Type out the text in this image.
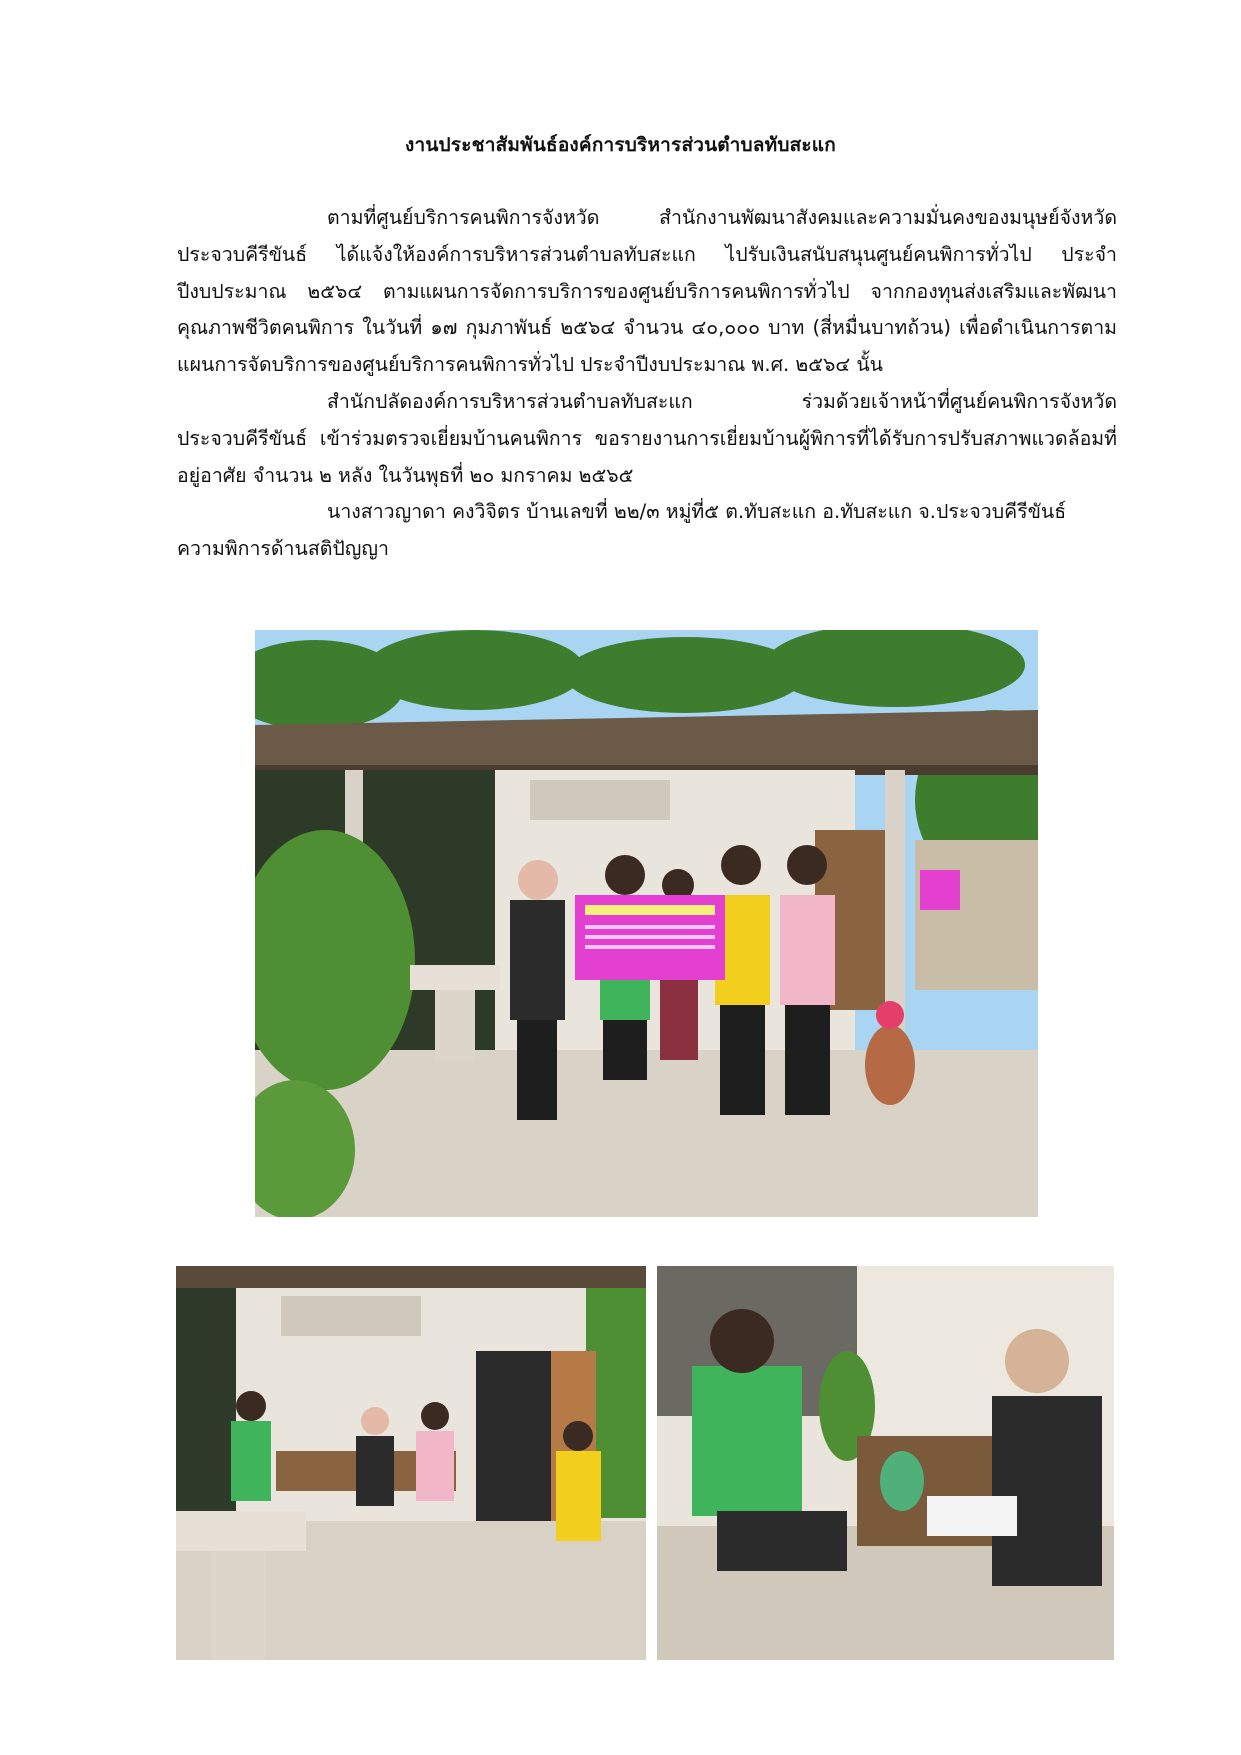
งานประชาสัมพันธ์องค์การบริหารส่วนตำบลทับสะแก

ตามที่ศูนย์บริการคนพิการจังหวัด สำนักงานพัฒนาสังคมและความมั่นคงของมนุษย์จังหวัดประจวบคีรีขันธ์ ได้แจ้งให้องค์การบริหารส่วนตำบลทับสะแก ไปรับเงินสนับสนุนศูนย์คนพิการทั่วไป ประจำปีงบประมาณ ๒๕๖๔ ตามแผนการจัดการบริการของศูนย์บริการคนพิการทั่วไป จากกองทุนส่งเสริมและพัฒนาคุณภาพชีวิตคนพิการ ในวันที่ ๑๗ กุมภาพันธ์ ๒๕๖๔ จำนวน ๔๐,๐๐๐ บาท (สี่หมื่นบาทถ้วน) เพื่อดำเนินการตามแผนการจัดบริการของศูนย์บริการคนพิการทั่วไป ประจำปีงบประมาณ พ.ศ. ๒๕๖๔ นั้น

สำนักปลัดองค์การบริหารส่วนตำบลทับสะแก ร่วมด้วยเจ้าหน้าที่ศูนย์คนพิการจังหวัดประจวบคีรีขันธ์ เข้าร่วมตรวจเยี่ยมบ้านคนพิการ ขอรายงานการเยี่ยมบ้านผู้พิการที่ได้รับการปรับสภาพแวดล้อมที่อยู่อาศัย จำนวน ๒ หลัง ในวันพุธที่ ๒๐ มกราคม ๒๕๖๕

นางสาวญาดา คงวิจิตร บ้านเลขที่ ๒๒/๓ หมู่ที่๕ ต.ทับสะแก อ.ทับสะแก จ.ประจวบคีรีขันธ์

ความพิการด้านสติปัญญา
